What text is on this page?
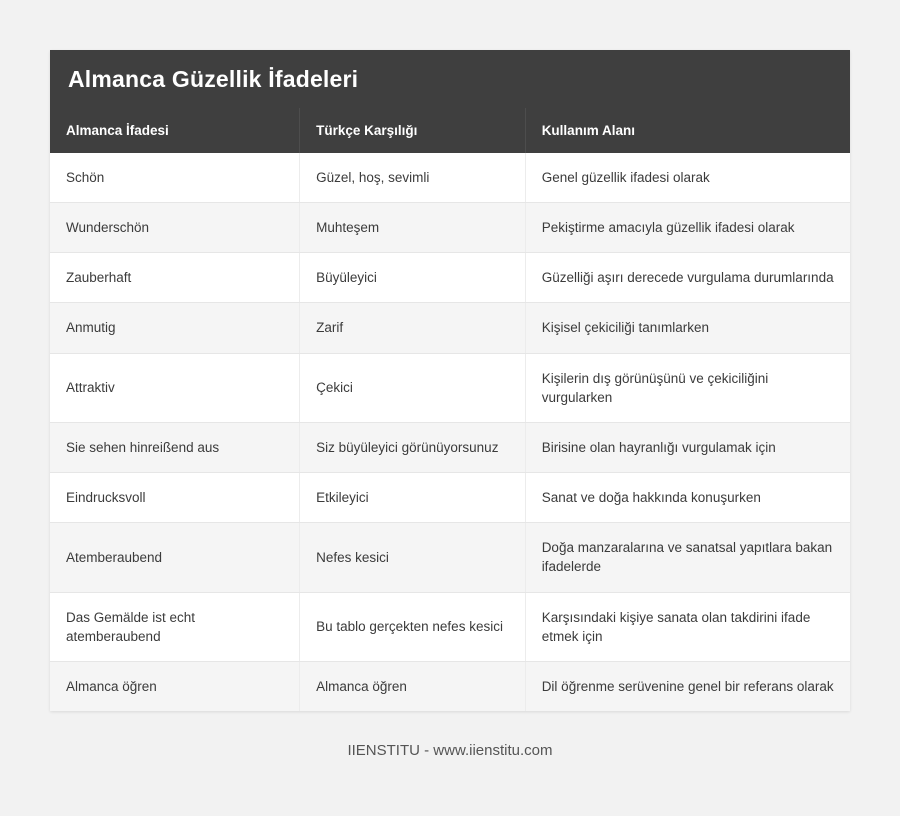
Almanca Güzellik İfadeleri
Almanca İfadesi	Türkçe Karşılığı	Kullanım Alanı
Schön	Güzel, hoş, sevimli	Genel güzellik ifadesi olarak
Wunderschön	Muhteşem	Pekiştirme amacıyla güzellik ifadesi olarak
Zauberhaft	Büyüleyici	Güzelliği aşırı derecede vurgulama durumlarında
Anmutig	Zarif	Kişisel çekiciliği tanımlarken
Attraktiv	Çekici	Kişilerin dış görünüşünü ve çekiciliğini vurgularken
Sie sehen hinreißend aus	Siz büyüleyici görünüyorsunuz	Birisine olan hayranlığı vurgulamak için
Eindrucksvoll	Etkileyici	Sanat ve doğa hakkında konuşurken
Atemberaubend	Nefes kesici	Doğa manzaralarına ve sanatsal yapıtlara bakan ifadelerde
Das Gemälde ist echt atemberaubend	Bu tablo gerçekten nefes kesici	Karşısındaki kişiye sanata olan takdirini ifade etmek için
Almanca öğren	Almanca öğren	Dil öğrenme serüvenine genel bir referans olarak
IIENSTITU - www.iienstitu.com
